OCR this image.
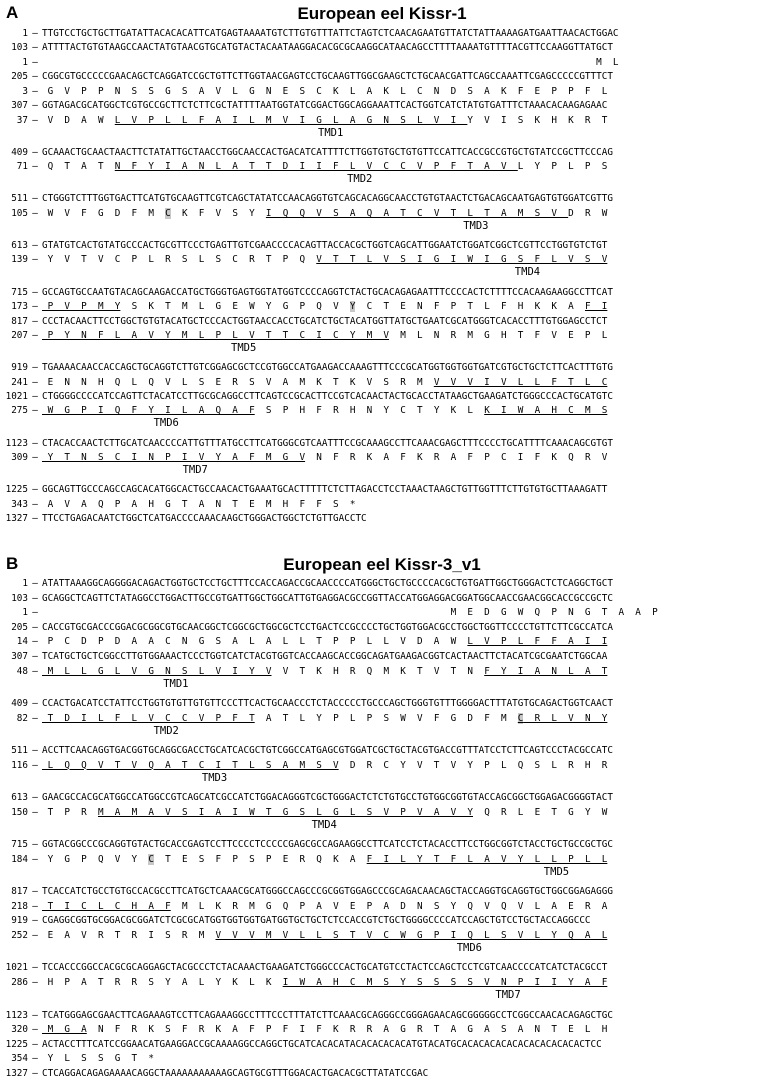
A	European eel Kissr-1
1 – TTGTCCTGCTGCTTGATATTACACACATTCATGAGTAAAATGTCTTGTGTTTATTCTAGTCTCAACAGAATGTTATCTATTAAAAGATGAATTAACACTGGAC
103 – ATTTTACTGTGTAAGCCAACTATGTAACGTGCATGTACTACAATAAGGACACGCGCAAGGCATAACAGCCTTTTAAAATGTTTTACGTTCCAAGGTTATGCT
1 –                                                                                                   M  L
205 – CGGCGTGCCCCCGAACAGCTCAGGATCCGCTGTTCTTGGTAACGAGTCCTGCAAGTTGGCGAAGCTCTGCAACGATTCAGCCAAATTCGAGCCCCCGTTTCT
3 – G  V  P  P  N  S  S  G  S  A  V  L  G  N  E  S  C  K  L  A  K  L  C  N  D  S  A  K  F  E  P  P  F  L
307 – GGTAGACGCATGGCTCGTGCCGCTTCTCTTCGCTATTTTAATGGTATCGGACTGGCAGGAAATTCACTGGTCATCTATGTGATTTCTAAACACAAGAGAAC
37 – V  D  A  W  L  V  P  L  L  F  A  I  L  M  V  I  G  L  A  G  N  S  L  V  I  Y  V  I  S  K  H  K  R  T
409 – GCAAACTGCAACTAACTTCTATATTGCTAACCTGGCAACCACTGACATCATTTTCTTGGTGTGCTGTGTTCCATTCACCGCCGTGCTGTATCCGCTTCCCAG
71 – Q  T  A  T  N  F  Y  I  A  N  L  A  T  T  D  I  I  F  L  V  C  C  V  P  F  T  A  V  L  Y  P  L  P  S
511 – CTGGGTCTTTGGTGACTTCATGTGCAAGTTCGTCAGCTATATCCAACAGGTGTCAGCACAGGCAACCTGTGTAACTCTGACAGCAATGAGTGTGGATCGTTG
105 – W  V  F  G  D  F  M  C  K  F  V  S  Y  I  Q  Q  V  S  A  Q  A  T  C  V  T  L  T  A  M  S  V  D  R  W
613 – GTATGTCACTGTATGCCCACTGCGTTCCCTGAGTTGTCGAACCCCACAGTTACCACGCTGGTCAGCATTGGAATCTGGATCGGCTCGTTCCTGGTGTCTGT
139 – Y  V  T  V  C  P  L  R  S  L  S  C  R  T  P  Q  V  T  T  L  V  S  I  G  I  W  I  G  S  F  L  V  S  V
715 – GCCAGTGCCAATGTACAGCAAGACCATGCTGGGTGAGTGGTATGGTCCCCAGGTCTACTGCACAGAGAATTTCCCCACTCTTTTCCACAAGAAGGCCTTCAT
173 – P  V  P  M  Y  S  K  T  M  L  G  E  W  Y  G  P  Q  V  Y  C  T  E  N  F  P  T  L  F  H  K  K  A  F  I
817 – CCCTACAACTTCCTGGCTGTGTACATGCTCCCACTGGTAACCACCTGCATCTGCTACATGGTTATGCTGAATCGCATGGGTCACACCTTTGTGGAGCCTCT
207 – P  Y  N  F  L  A  V  Y  M  L  P  L  V  T  T  C  I  C  Y  M  V  M  L  N  R  M  G  H  T  F  V  E  P  L
919 – TGAAAACAACCACCAGCTGCAGGTCTTGTCGGAGCGCTCCGTGGCCATGAAGACCAAAGTTTCCCGCATGGTGGTGGTGATCGTGCTGCTCTTCACTTTGTG
241 – E  N  N  H  Q  L  Q  V  L  S  E  R  S  V  A  M  K  T  K  V  S  R  M  V  V  V  I  V  L  L  F  T  L  C
1021 – CTGGGGCCCCATCCAGTTCTACATCCTTGCGCAGGCCTTCAGTCCGCACTTCCGTCACAACTACTGCACCTATAAGCTGAAGATCTGGGCCCACTGCATGTC
275 – W  G  P  I  Q  F  Y  I  L  A  Q  A  F  S  P  H  F  R  H  N  Y  C  T  Y  K  L  K  I  W  A  H  C  M  S
1123 – CTACACCAACTCTTGCATCAACCCCATTGTTTATGCCTTCATGGGCGTCAATTTCCGCAAAGCCTTCAAACGAGCTTTCCCCTGCATTTTCAAACAGCGTGT
309 – Y  T  N  S  C  I  N  P  I  V  Y  A  F  M  G  V  N  F  R  K  A  F  K  R  A  F  P  C  I  F  K  Q  R  V
1225 – GGCAGTTGCCCAGCCAGCACATGGCACTGCCAACACTGAAATGCACTTTTTCTCTTAGACCTCCTAAACTAAGCTGTTGGTTTCTTGTGTGCTTAAAGATT
343 – A  V  A  Q  P  A  H  G  T  A  N  T  E  M  H  F  F  S  *
1327 – TTCCTGAGACAATCTGGCTCATGACCCCAAACAAGCTGGGACTGGCTCTGTTGACCTC
TMD1
TMD2
TMD3
TMD4
TMD5
TMD6
TMD7
B	European eel Kissr-3_v1
1 – ATATTAAAGGCAGGGGACAGACTGGTGCTCCTGCTTTCCACCAGACCGCAACCCCATGGGCTGCTGCCCCACGCTGTGATTGGCTGGGACTCTCAGGCTGCT
103 – GCAGGCTCAGTTCTATAGGCCTGGACTTGCCGTGATTGGCTGGCATTGTGAGGACGCCGGTTACCATGGAGGACGGATGGCAACCGAACGGCACCGCCGCTC
1 –                                                                         M  E  D  G  W  Q  P  N  G  T  A  A  P
205 – CACCGTGCGACCCGGACGCGGCGTGCAACGGCTCGGCGCTGGCGCTCCTGACTCCGCCCCTGCTGGTGGACGCCTGGCTGGTTCCCCTGTTCTTCGCCATCA
14 – P  C  D  P  D  A  A  C  N  G  S  A  L  A  L  L  T  P  P  L  L  V  D  A  W  L  V  P  L  F  F  A  I  I
307 – TCATGCTGCTCGGCCTTGTGGAAACTCCCTGGTCATCTACGTGGTCACCAAGCACCGGCAGATGAAGACGGTCACTAACTTCTACATCGCGAATCTGGCAA
48 – M  L  L  G  L  V  G  N  S  L  V  I  Y  V  V  T  K  H  R  Q  M  K  T  V  T  N  F  Y  I  A  N  L  A  T
409 – CCACTGACATCCTATTCCTGGTGTGTTGTGTTCCCTTCACTGCAACCCTCTACCCCCTGCCCAGCTGGGTGTTTGGGGACTTTATGTGCAGACTGGTCAACT
82 – T  D  I  L  F  L  V  C  C  V  P  F  T  A  T  L  Y  P  L  P  S  W  V  F  G  D  F  M  C  R  L  V  N  Y
511 – ACCTTCAACAGGTGACGGTGCAGGCGACCTGCATCACGCTGTCGGCCATGAGCGTGGATCGCTGCTACGTGACCGTTTATCCTCTTCAGTCCCTACGCCATC
116 – L  Q  Q  V  T  V  Q  A  T  C  I  T  L  S  A  M  S  V  D  R  C  Y  V  T  V  Y  P  L  Q  S  L  R  H  R
613 – GAACGCCACGCATGGCCATGGCCGTCAGCATCGCCATCTGGACAGGGTCGCTGGGACTCTCTGTGCCTGTGGCGGTGTACCAGCGGCTGGAGACGGGGTACT
150 – T  P  R  M  A  M  A  V  S  I  A  I  W  T  G  S  L  G  L  S  V  P  V  A  V  Y  Q  R  L  E  T  G  Y  W
715 – GGTACGGCCCGCAGGTGTACTGCACCGAGTCCTTCCCCTCCCCCGAGCGCCAGAAGGCCTTCATCCTCTACACCTTCCTGGCGGTCTACCTGCTGCCGCTGC
184 – Y  G  P  Q  V  Y  C  T  E  S  F  P  S  P  E  R  Q  K  A  F  I  L  Y  T  F  L  A  V  Y  L  L  P  L  L
817 – TCACCATCTGCCTGTGCCACGCCTTCATGCTCAAACGCATGGGCCAGCCCGCGGTGGAGCCCGCAGACAACAGCTACCAGGTGCAGGTGCTGGCGGAGAGGG
218 – T  I  C  L  C  H  A  F  M  L  K  R  M  G  Q  P  A  V  E  P  A  D  N  S  Y  Q  V  Q  V  L  A  E  R  A
919 – CGAGGCGGTGCGGACGCGGATCTCGCGCATGGTGGTGGTGATGGTGCTGCTCTCCACCGTCTGCTGGGGCCCCATCCAGCTGTCCTGCTACCAGGCCC
252 – E  A  V  R  T  R  I  S  R  M  V  V  V  M  V  L  L  S  T  V  C  W  G  P  I  Q  L  S  V  L  Y  Q  A  L
1021 – TCCACCCGGCCACGCGCAGGAGCTACGCCCTCTACAAACTGAAGATCTGGGCCCACTGCATGTCCTACTCCAGCTCCTCGTCAACCCCATCATCTACGCCT
286 – H  P  A  T  R  R  S  Y  A  L  Y  K  L  K  I  W  A  H  C  M  S  Y  S  S  S  S  V  N  P  I  I  Y  A  F
1123 – TCATGGGAGCGAACTTCAGAAAGTCCTTCAGAAAGGCCTTTCCCTTTATCTTCAAACGCAGGGCCGGGAGAACAGCGGGGGCCTCGGCCAACACAGAGCTGC
320 – M  G  A  N  F  R  K  S  F  R  K  A  F  P  F  I  F  K  R  R  A  G  R  T  A  G  A  S  A  N  T  E  L  H
1225 – ACTACCTTTCATCCGGAACATGAAGGACCGCAAAAGGCCAGGCTGCATCACACATACACACACACATGTACATGCACACACACACACACACACACACTCC
354 – Y  L  S  S  G  T  *
1327 – CTCAGGACAGAGAAAACAGGCTAAAAAAAAAAAGCAGTGCGTTTGGACACTGACACGCTTATATCCGAC
TMD1
TMD2
TMD3
TMD4
TMD5
TMD6
TMD7
